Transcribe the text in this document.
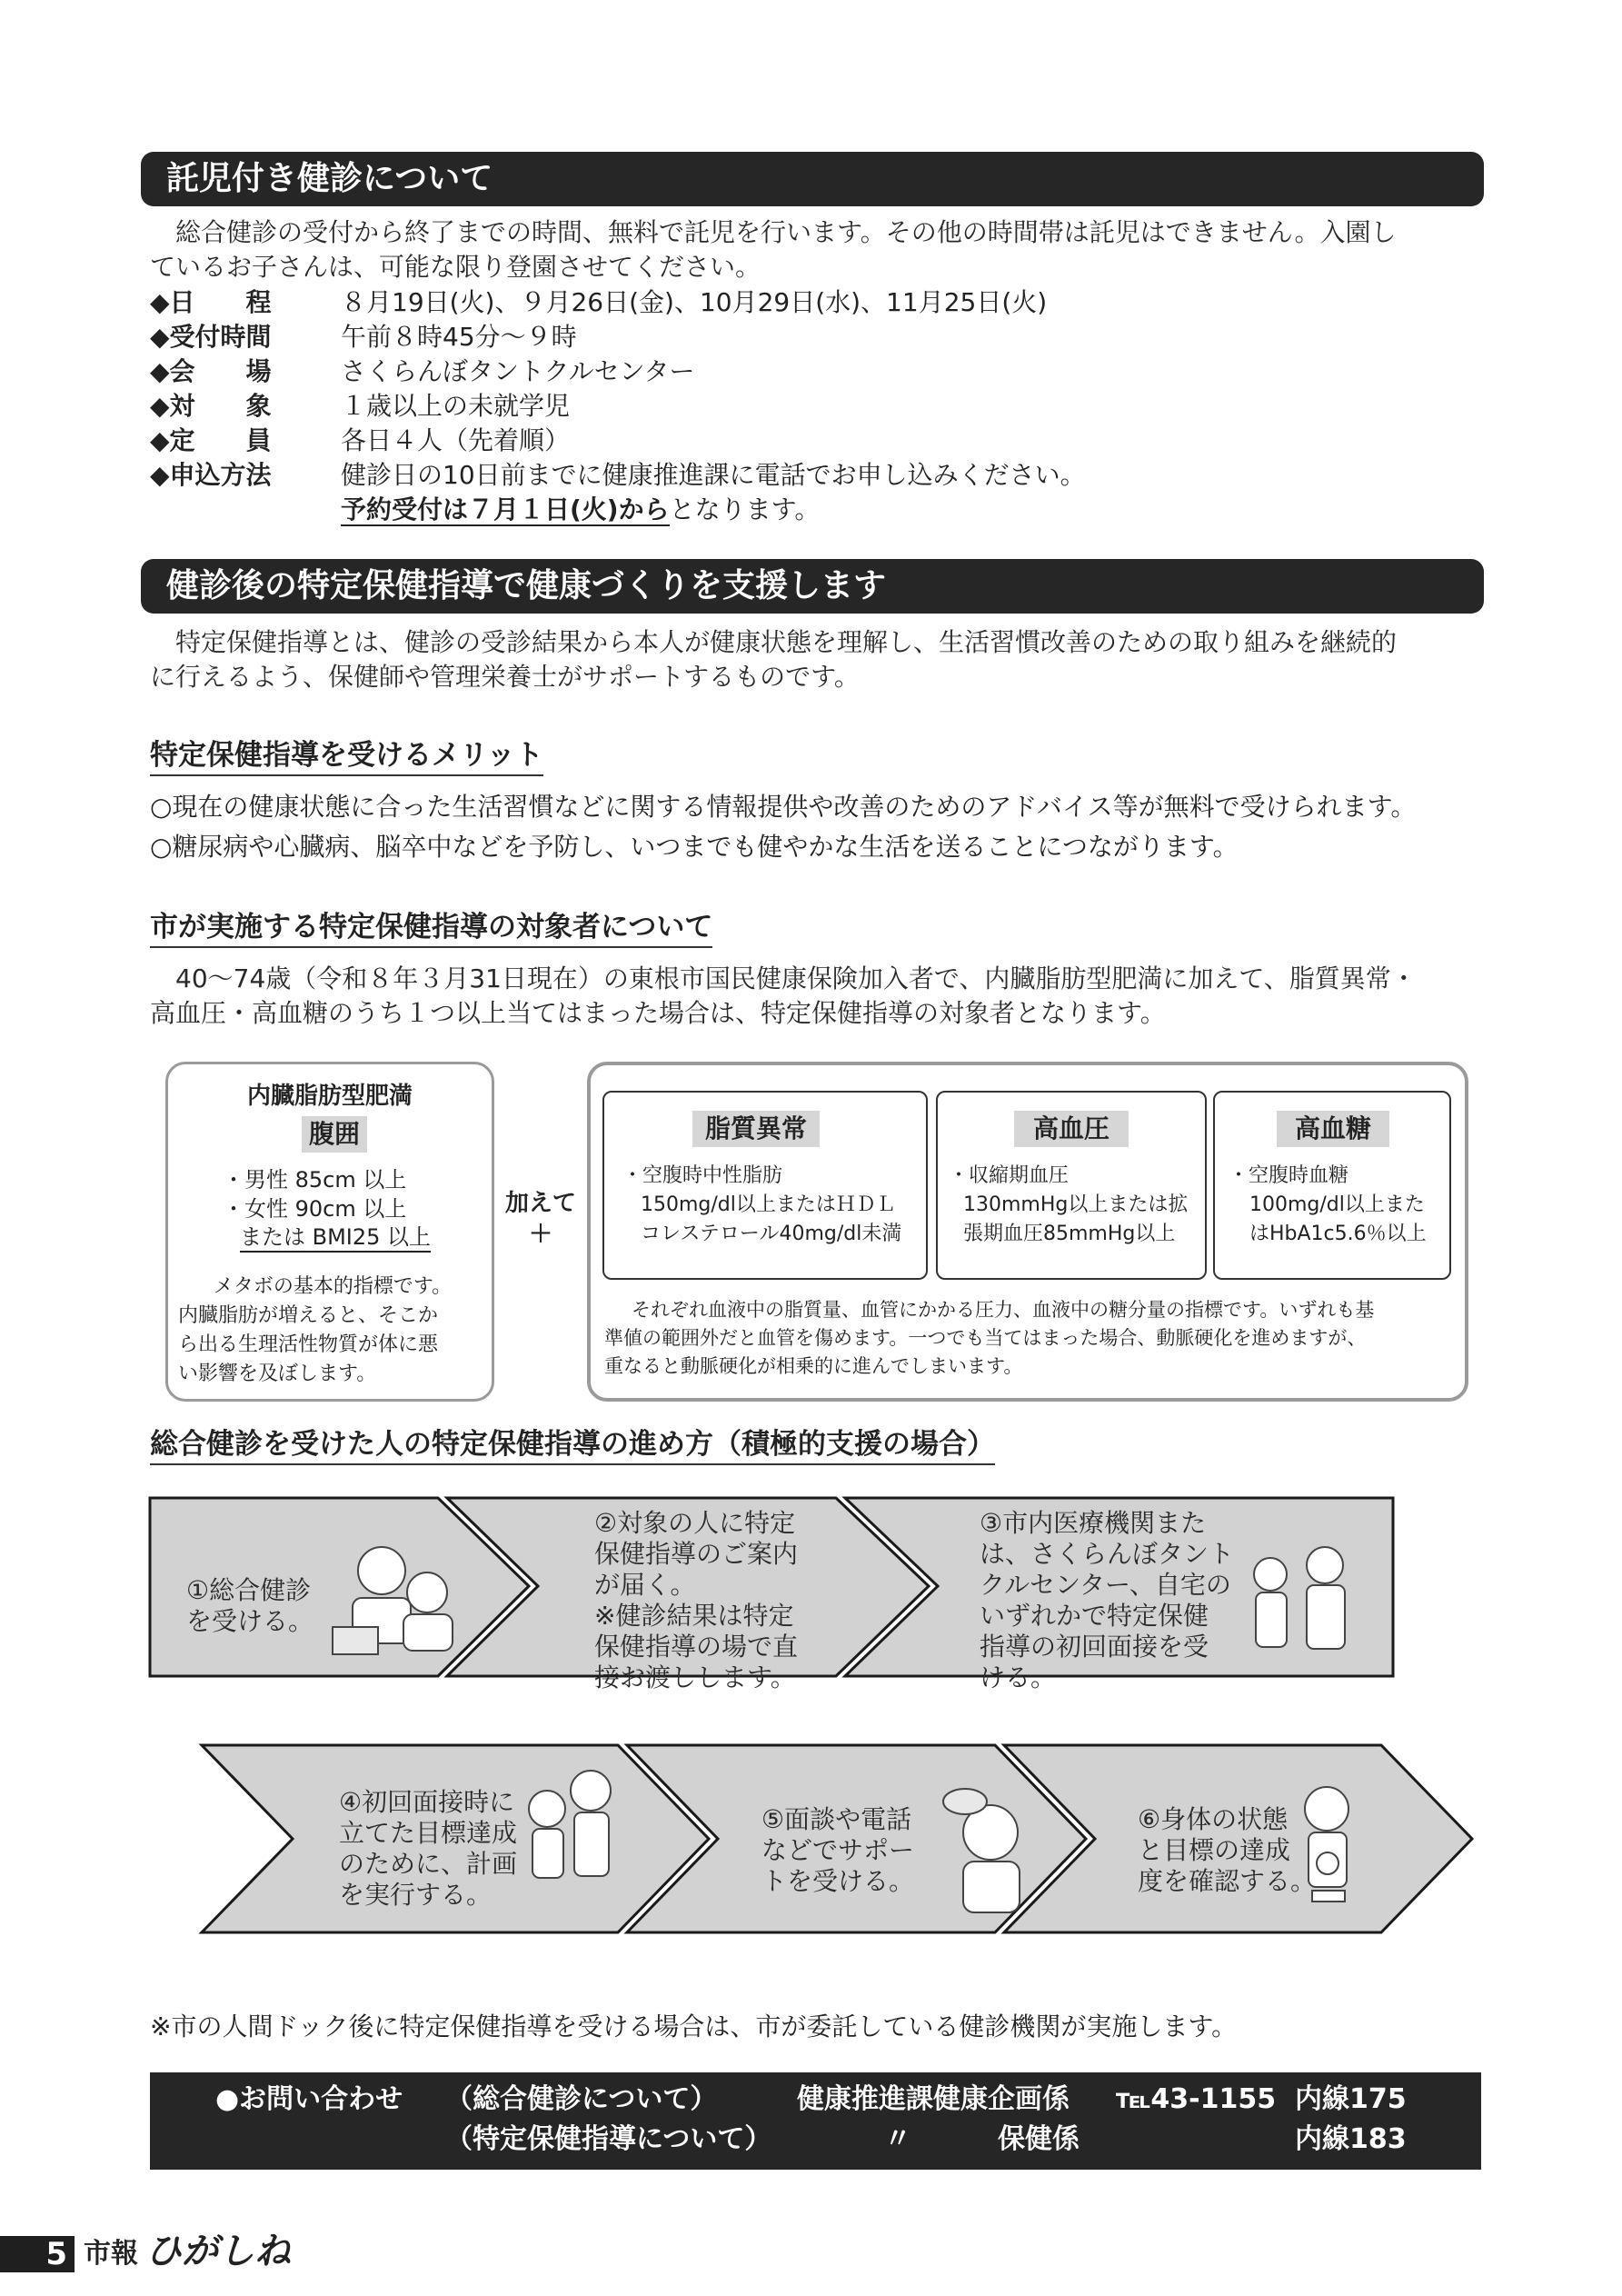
託児付き健診について
総合健診の受付から終了までの時間、無料で託児を行います。その他の時間帯は託児はできません。入園し
ているお子さんは、可能な限り登園させてください。
◆日　　程	８月19日(火)、９月26日(金)、10月29日(水)、11月25日(火)
◆受付時間	午前８時45分～９時
◆会　　場	さくらんぼタントクルセンター
◆対　　象	１歳以上の未就学児
◆定　　員	各日４人（先着順）
◆申込方法	健診日の10日前までに健康推進課に電話でお申し込みください。
予約受付は７月１日(火)からとなります。
健診後の特定保健指導で健康づくりを支援します
特定保健指導とは、健診の受診結果から本人が健康状態を理解し、生活習慣改善のための取り組みを継続的
に行えるよう、保健師や管理栄養士がサポートするものです。
特定保健指導を受けるメリット
○現在の健康状態に合った生活習慣などに関する情報提供や改善のためのアドバイス等が無料で受けられます。
○糖尿病や心臓病、脳卒中などを予防し、いつまでも健やかな生活を送ることにつながります。
市が実施する特定保健指導の対象者について
40～74歳（令和８年３月31日現在）の東根市国民健康保険加入者で、内臓脂肪型肥満に加えて、脂質異常・
高血圧・高血糖のうち１つ以上当てはまった場合は、特定保健指導の対象者となります。
内臓脂肪型肥満
腹囲
・男性 85cm 以上
・女性 90cm 以上
または BMI25 以上
メタボの基本的指標です。
内臓脂肪が増えると、そこか
ら出る生理活性物質が体に悪
い影響を及ぼします。
加えて
＋
脂質異常
・空腹時中性脂肪
150mg/dl以上またはＨＤＬ
コレステロール40mg/dl未満
高血圧
・収縮期血圧
130mmHg以上または拡
張期血圧85mmHg以上
高血糖
・空腹時血糖
100mg/dl以上また
はHbA1c5.6％以上
それぞれ血液中の脂質量、血管にかかる圧力、血液中の糖分量の指標です。いずれも基
準値の範囲外だと血管を傷めます。一つでも当てはまった場合、動脈硬化を進めますが、
重なると動脈硬化が相乗的に進んでしまいます。
総合健診を受けた人の特定保健指導の進め方（積極的支援の場合）
①総合健診
を受ける。
②対象の人に特定
保健指導のご案内
が届く。
※健診結果は特定
保健指導の場で直
接お渡しします。
③市内医療機関また
は、さくらんぼタント
クルセンター、自宅の
いずれかで特定保健
指導の初回面接を受
ける。
④初回面接時に
立てた目標達成
のために、計画
を実行する。
⑤面談や電話
などでサポー
トを受ける。
⑥身体の状態
と目標の達成
度を確認する。
※市の人間ドック後に特定保健指導を受ける場合は、市が委託している健診機関が実施します。
●お問い合わせ （総合健診について）	健康推進課健康企画係 ℡43-1155 内線175
（特定保健指導について）	〃	保健係	内線183
5 市報 ひがしね
